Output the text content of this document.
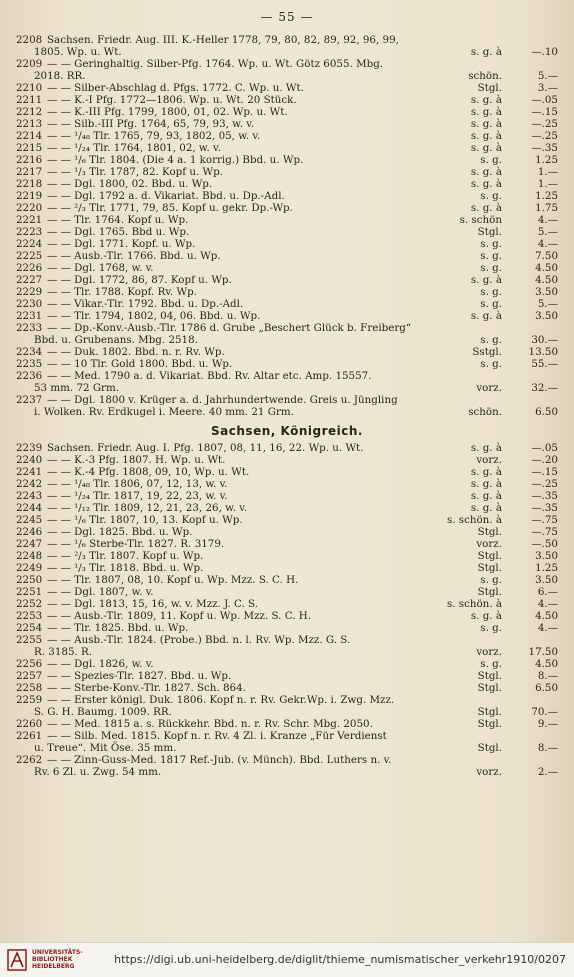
— 55 —
2208 Sachsen. Friedr. Aug. III. K.-Heller 1778, 79, 80, 82, 89, 92, 96, 99,
1805. Wp. u. Wt.	s. g. à	—.10
2209 — — Geringhaltig. Silber-Pfg. 1764. Wp. u. Wt. Götz 6055. Mbg.
2018. RR.	schön.	5.—
2210 — — Silber-Abschlag d. Pfgs. 1772. C. Wp. u. Wt.	Stgl.	3.—
2211 — — K.-I Pfg. 1772—1806. Wp. u. Wt. 20 Stück.	s. g. à	—.05
2212 — — K.-III Pfg. 1799, 1800, 01, 02. Wp. u. Wt.	s. g. à	—.15
2213 — — Silb.-III Pfg. 1764, 65, 79, 93, w. v.	s. g. à	—.25
2214 — — ¹/₄₈ Tlr. 1765, 79, 93, 1802, 05, w. v.	s. g. à	—.25
2215 — — ¹/₂₄ Tlr. 1764, 1801, 02, w. v.	s. g. à	—.35
2216 — — ¹/₆ Tlr. 1804. (Die 4 a. 1 korrig.) Bbd. u. Wp.	s. g.	1.25
2217 — — ¹/₃ Tlr. 1787, 82. Kopf u. Wp.	s. g. à	1.—
2218 — — Dgl. 1800, 02. Bbd. u. Wp.	s. g. à	1.—
2219 — — Dgl. 1792 a. d. Vikariat. Bbd. u. Dp.-Adl.	s. g.	1.25
2220 — — ²/₃ Tlr. 1771, 79, 85. Kopf u. gekr. Dp.-Wp.	s. g. à	1.75
2221 — — Tlr. 1764. Kopf u. Wp.	s. schön	4.—
2223 — — Dgl. 1765. Bbd u. Wp.	Stgl.	5.—
2224 — — Dgl. 1771. Kopf. u. Wp.	s. g.	4.—
2225 — — Ausb.-Tlr. 1766. Bbd. u. Wp.	s. g.	7.50
2226 — — Dgl. 1768, w. v.	s. g.	4.50
2227 — — Dgl. 1772, 86, 87. Kopf u. Wp.	s. g. à	4.50
2229 — — Tlr. 1788. Kopf. Rv. Wp.	s. g.	3.50
2230 — — Vikar.-Tlr. 1792. Bbd. u. Dp.-Adl.	s. g.	5.—
2231 — — Tlr. 1794, 1802, 04, 06. Bbd. u. Wp.	s. g. à	3.50
2233 — — Dp.-Konv.-Ausb.-Tlr. 1786 d. Grube „Beschert Glück b. Freiberg“
Bbd. u. Grubenans. Mbg. 2518.	s. g.	30.—
2234 — — Duk. 1802. Bbd. n. r. Rv. Wp.	Sstgl.	13.50
2235 — — 10 Tlr. Gold 1800. Bbd. u. Wp.	s. g.	55.—
2236 — — Med. 1790 a. d. Vikariat. Bbd. Rv. Altar etc. Amp. 15557.
53 mm. 72 Grm.	vorz.	32.—
2237 — — Dgl. 1800 v. Krüger a. d. Jahrhundertwende. Greis u. Jüngling
i. Wolken. Rv. Erdkugel i. Meere. 40 mm. 21 Grm.	schön.	6.50
Sachsen, Königreich.
2239 Sachsen. Friedr. Aug. I. Pfg. 1807, 08, 11, 16, 22. Wp. u. Wt.	s. g. à	—.05
2240 — — K.-3 Pfg. 1807. H. Wp. u. Wt.	vorz.	—.20
2241 — — K.-4 Pfg. 1808, 09, 10, Wp. u. Wt.	s. g. à	—.15
2242 — — ¹/₄₈ Tlr. 1806, 07, 12, 13, w. v.	s. g. à	—.25
2243 — — ¹/₂₄ Tlr. 1817, 19, 22, 23, w. v.	s. g. à	—.35
2244 — — ¹/₁₂ Tlr. 1809, 12, 21, 23, 26, w. v.	s. g. à	—.35
2245 — — ¹/₆ Tlr. 1807, 10, 13. Kopf u. Wp.	s. schön. à	—.75
2246 — — Dgl. 1825. Bbd. u. Wp.	Stgl.	—.75
2247 — — ¹/₆ Sterbe-Tlr. 1827. R. 3179.	vorz.	—.50
2248 — — ²/₃ Tlr. 1807. Kopf u. Wp.	Stgl.	3.50
2249 — — ¹/₃ Tlr. 1818. Bbd. u. Wp.	Stgl.	1.25
2250 — — Tlr. 1807, 08, 10. Kopf u. Wp. Mzz. S. C. H.	s. g.	3.50
2251 — — Dgl. 1807, w. v.	Stgl.	6.—
2252 — — Dgl. 1813, 15, 16, w. v. Mzz. J. C. S.	s. schön. à	4.—
2253 — — Ausb.-Tlr. 1809, 11. Kopf u. Wp. Mzz. S. C. H.	s. g. à	4.50
2254 — — Tlr. 1825. Bbd. u. Wp.	s. g.	4.—
2255 — — Ausb.-Tlr. 1824. (Probe.) Bbd. n. l. Rv. Wp. Mzz. G. S.
R. 3185. R.	vorz.	17.50
2256 — — Dgl. 1826, w. v.	s. g.	4.50
2257 — — Spezies-Tlr. 1827. Bbd. u. Wp.	Stgl.	8.—
2258 — — Sterbe-Konv.-Tlr. 1827. Sch. 864.	Stgl.	6.50
2259 — — Erster königl. Duk. 1806. Kopf n. r. Rv. Gekr.Wp. i. Zwg. Mzz.
S. G. H. Baumg. 1009. RR.	Stgl.	70.—
2260 — — Med. 1815 a. s. Rückkehr. Bbd. n. r. Rv. Schr. Mbg. 2050.	Stgl.	9.—
2261 — — Silb. Med. 1815. Kopf n. r. Rv. 4 Zl. i. Kranze „Für Verdienst
u. Treue“. Mit Öse. 35 mm.	Stgl.	8.—
2262 — — Zinn-Guss-Med. 1817 Ref.-Jub. (v. Münch). Bbd. Luthers n. v.
Rv. 6 Zl. u. Zwg. 54 mm.	vorz.	2.—
UNIVERSITÄTS-
BIBLIOTHEK
HEIDELBERG
https://digi.ub.uni-heidelberg.de/diglit/thieme_numismatischer_verkehr1910/0207
